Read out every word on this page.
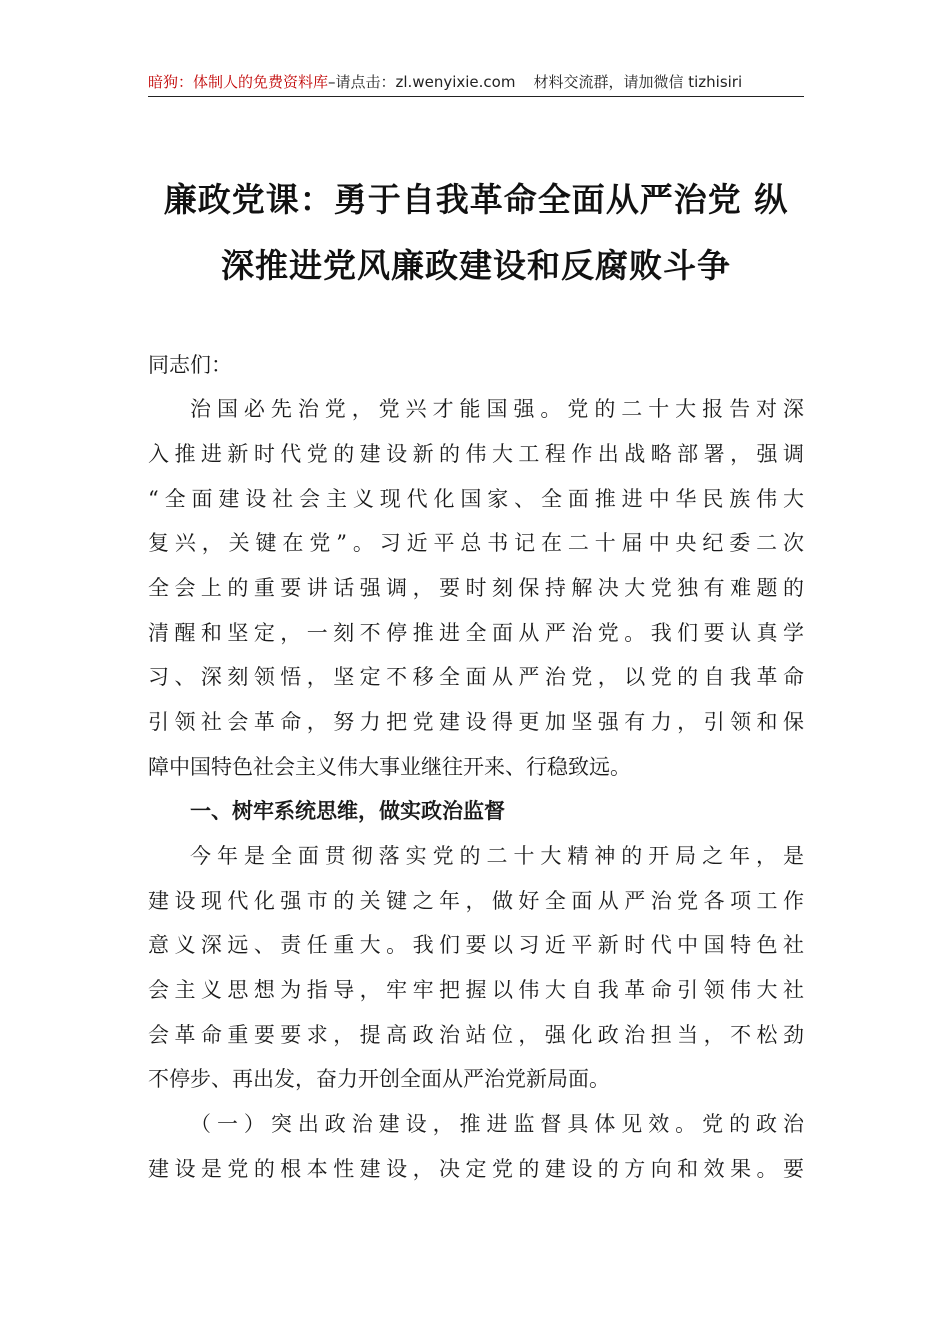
暗狗：体制人的免费资料库–请点击：zl.wenyixie.com 材料交流群，请加微信 tizhisiri
廉政党课：勇于自我革命全面从严治党 纵
深推进党风廉政建设和反腐败斗争
同志们：
治国必先治党，党兴才能国强。党的二十大报告对深
入推进新时代党的建设新的伟大工程作出战略部署，强调
“全面建设社会主义现代化国家、全面推进中华民族伟大
复兴，关键在党”。习近平总书记在二十届中央纪委二次
全会上的重要讲话强调，要时刻保持解决大党独有难题的
清醒和坚定，一刻不停推进全面从严治党。我们要认真学
习、深刻领悟，坚定不移全面从严治党，以党的自我革命
引领社会革命，努力把党建设得更加坚强有力，引领和保
障中国特色社会主义伟大事业继往开来、行稳致远。
一、树牢系统思维，做实政治监督
今年是全面贯彻落实党的二十大精神的开局之年，是
建设现代化强市的关键之年，做好全面从严治党各项工作
意义深远、责任重大。我们要以习近平新时代中国特色社
会主义思想为指导，牢牢把握以伟大自我革命引领伟大社
会革命重要要求，提高政治站位，强化政治担当，不松劲
不停步、再出发，奋力开创全面从严治党新局面。
（一）突出政治建设，推进监督具体见效。党的政治
建设是党的根本性建设，决定党的建设的方向和效果。要
